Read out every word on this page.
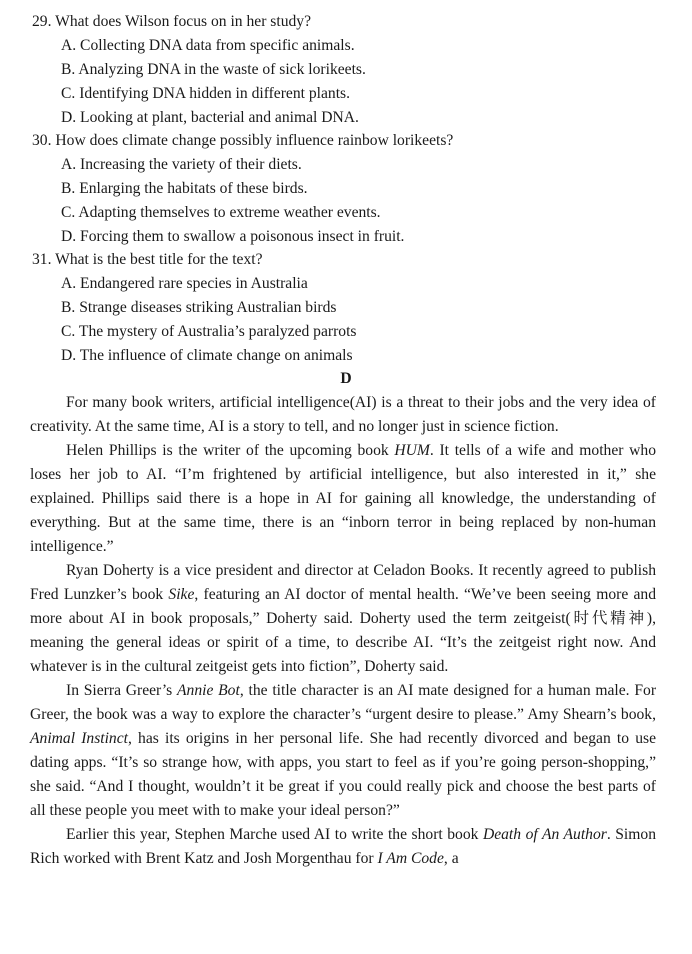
29. What does Wilson focus on in her study?
A. Collecting DNA data from specific animals.
B. Analyzing DNA in the waste of sick lorikeets.
C. Identifying DNA hidden in different plants.
D. Looking at plant, bacterial and animal DNA.
30. How does climate change possibly influence rainbow lorikeets?
A. Increasing the variety of their diets.
B. Enlarging the habitats of these birds.
C. Adapting themselves to extreme weather events.
D. Forcing them to swallow a poisonous insect in fruit.
31. What is the best title for the text?
A. Endangered rare species in Australia
B. Strange diseases striking Australian birds
C. The mystery of Australia’s paralyzed parrots
D. The influence of climate change on animals
D

For many book writers, artificial intelligence(AI) is a threat to their jobs and the very idea of creativity. At the same time, AI is a story to tell, and no longer just in science fiction.

Helen Phillips is the writer of the upcoming book HUM. It tells of a wife and mother who loses her job to AI. “I’m frightened by artificial intelligence, but also interested in it,” she explained. Phillips said there is a hope in AI for gaining all knowledge, the understanding of everything. But at the same time, there is an “inborn terror in being replaced by non-human intelligence.”

Ryan Doherty is a vice president and director at Celadon Books. It recently agreed to publish Fred Lunzker’s book Sike, featuring an AI doctor of mental health. “We’ve been seeing more and more about AI in book proposals,” Doherty said. Doherty used the term zeitgeist(时代精神), meaning the general ideas or spirit of a time, to describe AI. “It’s the zeitgeist right now. And whatever is in the cultural zeitgeist gets into fiction”, Doherty said.

In Sierra Greer’s Annie Bot, the title character is an AI mate designed for a human male. For Greer, the book was a way to explore the character’s “urgent desire to please.” Amy Shearn’s book, Animal Instinct, has its origins in her personal life. She had recently divorced and began to use dating apps. “It’s so strange how, with apps, you start to feel as if you’re going person-shopping,” she said. “And I thought, wouldn’t it be great if you could really pick and choose the best parts of all these people you meet with to make your ideal person?”

Earlier this year, Stephen Marche used AI to write the short book Death of An Author. Simon Rich worked with Brent Katz and Josh Morgenthau for I Am Code, a
